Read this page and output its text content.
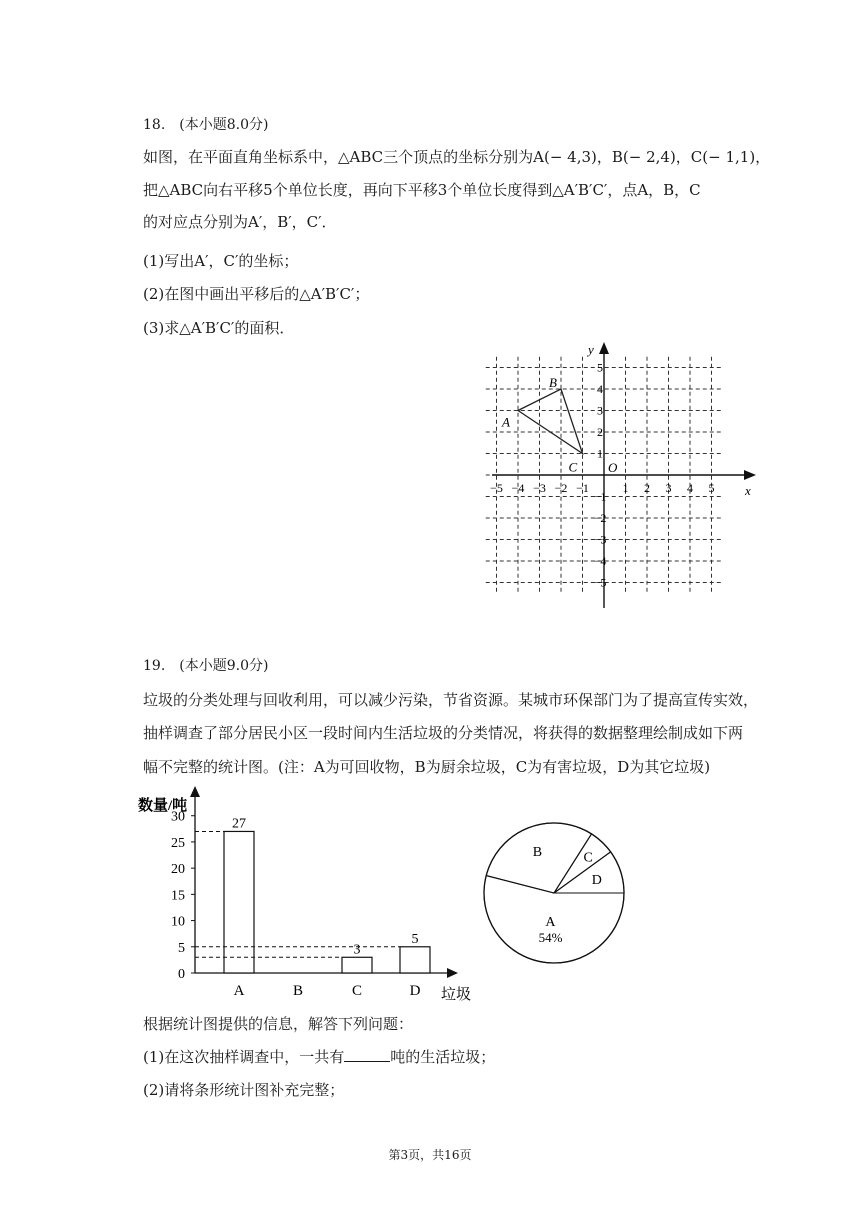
18.　(本小题8.0分)
如图，在平面直角坐标系中，△ABC三个顶点的坐标分别为A(− 4,3)，B(− 2,4)，C(− 1,1)，
把△ABC向右平移5个单位长度，再向下平移3个单位长度得到△A′B′C′，点A，B，C
的对应点分别为A′，B′，C′．
(1)写出A′，C′的坐标；
(2)在图中画出平移后的△A′B′C′；
(3)求△A′B′C′的面积．
x
y
O
−5 −4 −3 −2 −1	1 2 3 4 5
−5
−4
−3
−2
−1
1
2
3
4
5
A
B
C
19.　(本小题9.0分)
垃圾的分类处理与回收利用，可以减少污染，节省资源。某城市环保部门为了提高宣传实效，
抽样调查了部分居民小区一段时间内生活垃圾的分类情况，将获得的数据整理绘制成如下两
幅不完整的统计图。(注：A为可回收物，B为厨余垃圾，C为有害垃圾，D为其它垃圾)
数量/吨
0
5
10
15
20
25
30	27
A	B
3
C
5
D 垃圾
A
54%
B	C
D
根据统计图提供的信息，解答下列问题：
(1)在这次抽样调查中，一共有	吨的生活垃圾；
(2)请将条形统计图补充完整；
第3页，共16页
